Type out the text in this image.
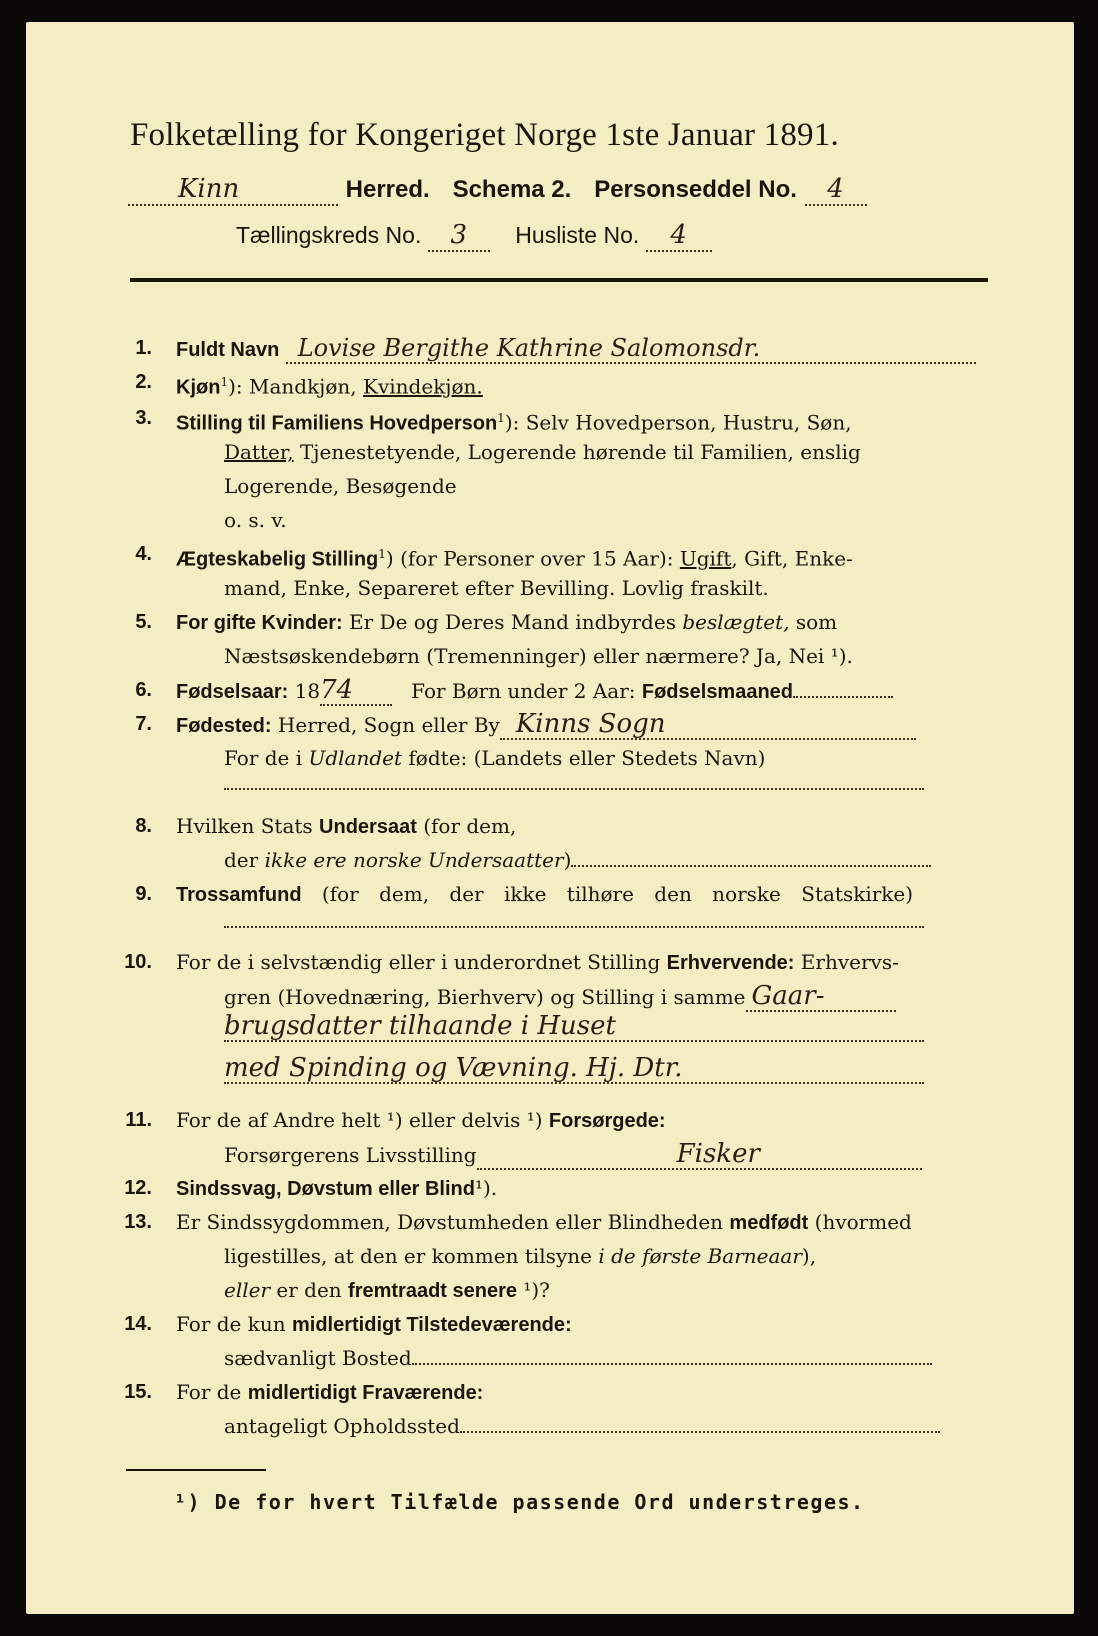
Folketælling for Kongeriget Norge 1ste Januar 1891.
Kinn	Herred. Schema 2. Personseddel No. 4
Tællingskreds No. 3 Husliste No. 4
1. Fuldt Navn Lovise Bergithe Kathrine Salomonsdr.
2. Kjøn$^1$): Mandkjøn, Kvindekjøn.
3. Stilling til Familiens Hovedperson$^1$): Selv Hovedperson, Hustru, Søn,
Datter, Tjenestetyende, Logerende hørende til Familien, enslig
Logerende, Besøgende
o. s. v.
4. Ægteskabelig Stilling$^1$) (for Personer over 15 Aar): Ugift, Gift, Enke-
mand, Enke, Separeret efter Bevilling. Lovlig fraskilt.
5. For gifte Kvinder: Er De og Deres Mand indbyrdes beslægtet, som
Næstsøskendebørn (Tremenninger) eller nærmere? Ja, Nei ¹).
6. Fødselsaar: 1874	For Børn under 2 Aar: Fødselsmaaned
7. Fødested: Herred, Sogn eller By Kinns Sogn
For de i Udlandet fødte: (Landets eller Stedets Navn)
8. Hvilken Stats Undersaat (for dem,
der ikke ere norske Undersaatter)
9. Trossamfund (for dem, der ikke tilhøre den norske Statskirke)
10. For de i selvstændig eller i underordnet Stilling Erhvervende: Erhvervs-
gren (Hovednæring, Bierhverv) og Stilling i samme Gaar-
brugsdatter tilhaande i Huset
med Spinding og Vævning. Hj. Dtr.
11. For de af Andre helt ¹) eller delvis ¹) Forsørgede:
Forsørgerens Livsstilling	Fisker
12. Sindssvag, Døvstum eller Blind¹).
13. Er Sindssygdommen, Døvstumheden eller Blindheden medfødt (hvormed
ligestilles, at den er kommen tilsyne i de første Barneaar),
eller er den fremtraadt senere ¹)?
14. For de kun midlertidigt Tilstedeværende:
sædvanligt Bosted
15. For de midlertidigt Fraværende:
antageligt Opholdssted
¹) De for hvert Tilfælde passende Ord understreges.
